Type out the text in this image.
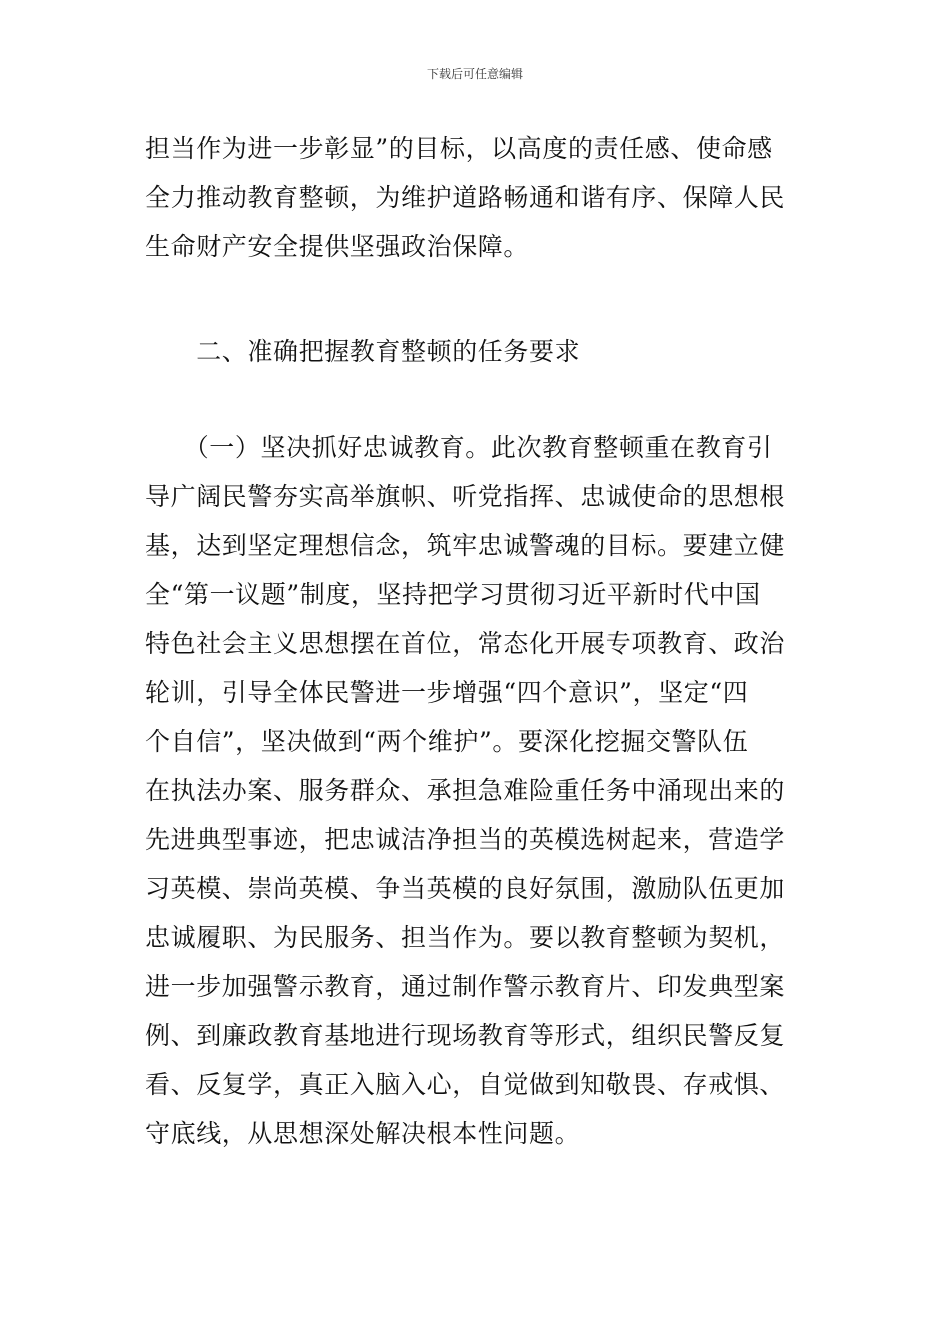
下载后可任意编辑
担当作为进一步彰显”的目标，以高度的责任感、使命感
全力推动教育整顿，为维护道路畅通和谐有序、保障人民
生命财产安全提供坚强政治保障。
　　二、准确把握教育整顿的任务要求
　　（一）坚决抓好忠诚教育。此次教育整顿重在教育引
导广阔民警夯实高举旗帜、听党指挥、忠诚使命的思想根
基，达到坚定理想信念，筑牢忠诚警魂的目标。要建立健
全“第一议题”制度，坚持把学习贯彻习近平新时代中国
特色社会主义思想摆在首位，常态化开展专项教育、政治
轮训，引导全体民警进一步增强“四个意识”，坚定“四
个自信”，坚决做到“两个维护”。要深化挖掘交警队伍
在执法办案、服务群众、承担急难险重任务中涌现出来的
先进典型事迹，把忠诚洁净担当的英模选树起来，营造学
习英模、崇尚英模、争当英模的良好氛围，激励队伍更加
忠诚履职、为民服务、担当作为。要以教育整顿为契机，
进一步加强警示教育，通过制作警示教育片、印发典型案
例、到廉政教育基地进行现场教育等形式，组织民警反复
看、反复学，真正入脑入心，自觉做到知敬畏、存戒惧、
守底线，从思想深处解决根本性问题。
